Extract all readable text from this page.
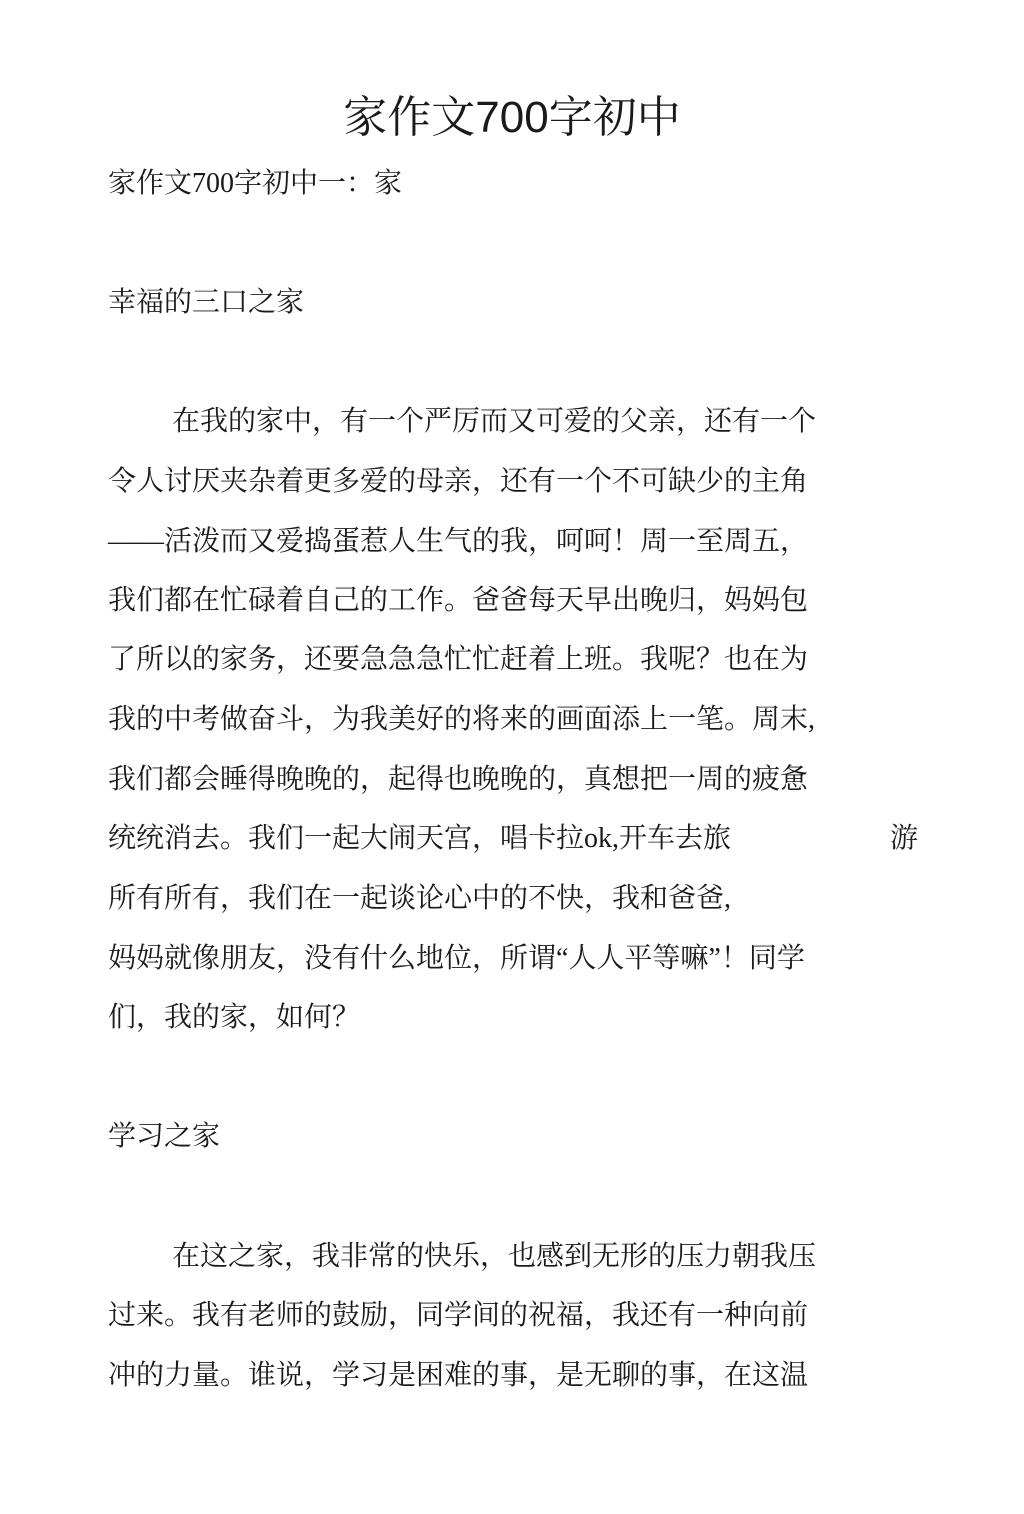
家作文700字初中

家作文700字初中一：家

幸福的三口之家

在我的家中，有一个严厉而又可爱的父亲，还有一个

令人讨厌夹杂着更多爱的母亲，还有一个不可缺少的主角

——活泼而又爱捣蛋惹人生气的我，呵呵！周一至周五，

我们都在忙碌着自己的工作。爸爸每天早出晚归，妈妈包

了所以的家务，还要急急急忙忙赶着上班。我呢？也在为

我的中考做奋斗，为我美好的将来的画面添上一笔。周末,

我们都会睡得晚晚的，起得也晚晚的，真想把一周的疲惫

统统消去。我们一起大闹天宫，唱卡拉ok,开车去旅	游

所有所有，我们在一起谈论心中的不快，我和爸爸,

妈妈就像朋友，没有什么地位，所谓“人人平等嘛”！同学

们，我的家，如何？

学习之家

在这之家，我非常的快乐，也感到无形的压力朝我压

过来。我有老师的鼓励，同学间的祝福，我还有一种向前

冲的力量。谁说，学习是困难的事，是无聊的事，在这温
